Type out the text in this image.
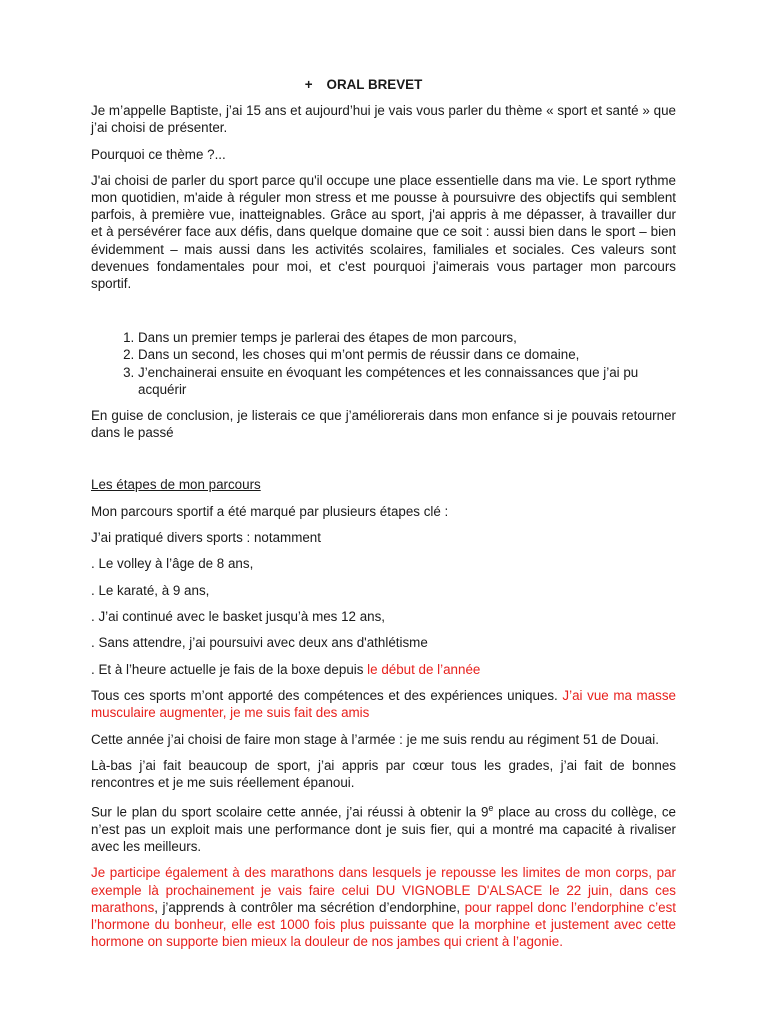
+ ORAL BREVET

Je m’appelle Baptiste, j’ai 15 ans et aujourd’hui je vais vous parler du thème « sport et santé » que j’ai choisi de présenter.

Pourquoi ce thème ?...

J'ai choisi de parler du sport parce qu'il occupe une place essentielle dans ma vie. Le sport rythme mon quotidien, m'aide à réguler mon stress et me pousse à poursuivre des objectifs qui semblent parfois, à première vue, inatteignables. Grâce au sport, j'ai appris à me dépasser, à travailler dur et à persévérer face aux défis, dans quelque domaine que ce soit : aussi bien dans le sport – bien évidemment – mais aussi dans les activités scolaires, familiales et sociales. Ces valeurs sont devenues fondamentales pour moi, et c'est pourquoi j'aimerais vous partager mon parcours sportif.

1. Dans un premier temps je parlerai des étapes de mon parcours,
2. Dans un second, les choses qui m’ont permis de réussir dans ce domaine,
3. J’enchainerai ensuite en évoquant les compétences et les connaissances que j’ai pu acquérir

En guise de conclusion, je listerais ce que j’améliorerais dans mon enfance si je pouvais retourner dans le passé

Les étapes de mon parcours

Mon parcours sportif a été marqué par plusieurs étapes clé :

J’ai pratiqué divers sports : notamment

. Le volley à l’âge de 8 ans,

. Le karaté, à 9 ans,

. J’ai continué avec le basket jusqu’à mes 12 ans,

. Sans attendre, j’ai poursuivi avec deux ans d'athlétisme

. Et à l’heure actuelle je fais de la boxe depuis le début de l’année

Tous ces sports m’ont apporté des compétences et des expériences uniques. J’ai vue ma masse musculaire augmenter, je me suis fait des amis

Cette année j’ai choisi de faire mon stage à l’armée : je me suis rendu au régiment 51 de Douai.

Là-bas j’ai fait beaucoup de sport, j’ai appris par cœur tous les grades, j’ai fait de bonnes rencontres et je me suis réellement épanoui.

Sur le plan du sport scolaire cette année, j’ai réussi à obtenir la 9e place au cross du collège, ce n’est pas un exploit mais une performance dont je suis fier, qui a montré ma capacité à rivaliser avec les meilleurs.

Je participe également à des marathons dans lesquels je repousse les limites de mon corps, par exemple là prochainement je vais faire celui DU VIGNOBLE D'ALSACE le 22 juin, dans ces marathons, j’apprends à contrôler ma sécrétion d’endorphine, pour rappel donc l’endorphine c’est l’hormone du bonheur, elle est 1000 fois plus puissante que la morphine et justement avec cette hormone on supporte bien mieux la douleur de nos jambes qui crient à l’agonie.
